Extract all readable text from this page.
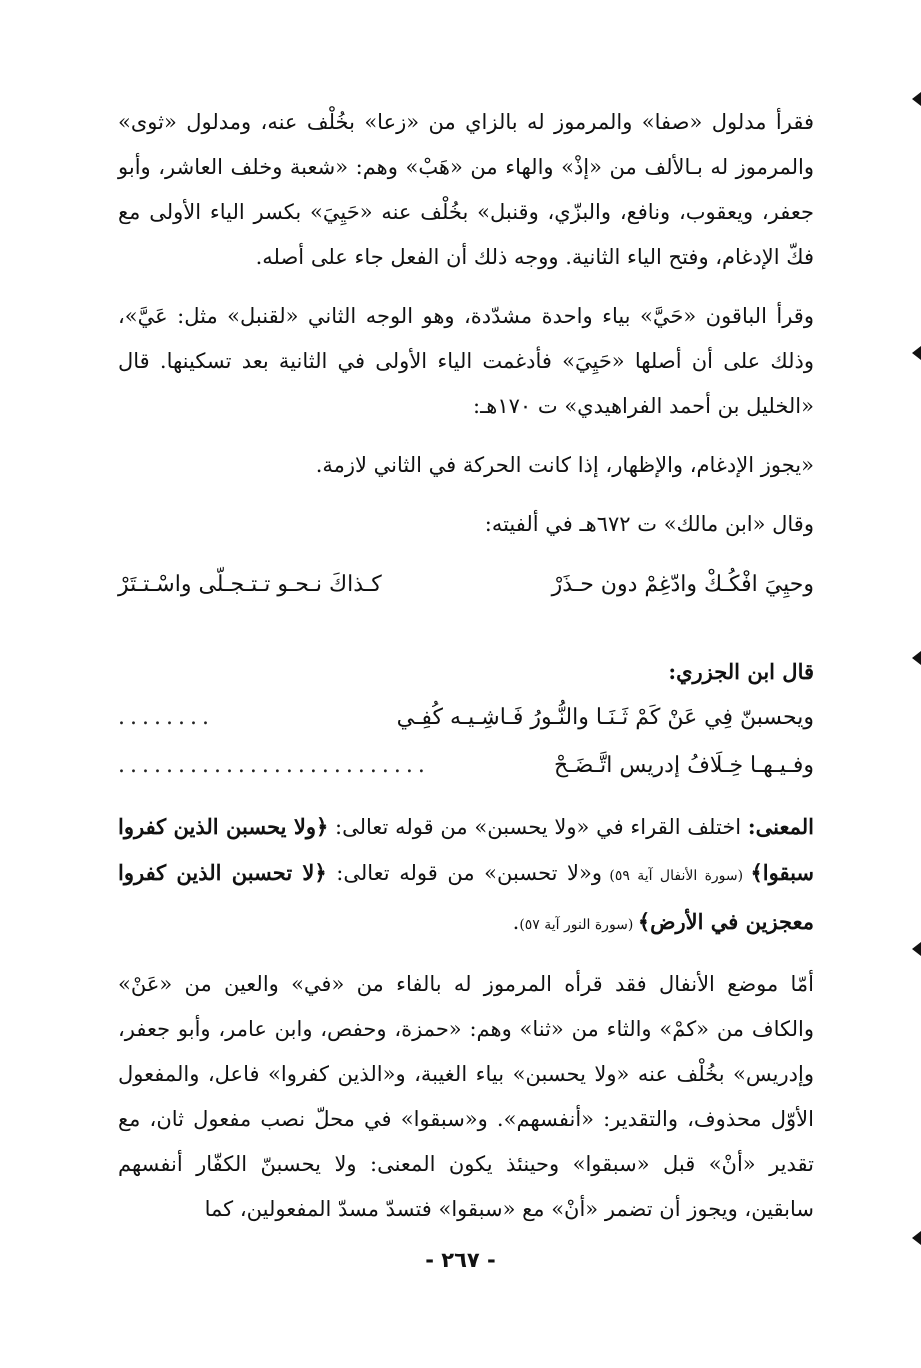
فقرأ مدلول «صفا» والمرموز له بالزاي من «زعا» بخُلْف عنه، ومدلول «ثوى» والمرموز له بـالألف من «إذْ» والهاء من «هَبْ» وهم: «شعبة وخلف العاشر، وأبو جعفر، ويعقوب، ونافع، والبزّي، وقنبل» بخُلْف عنه «حَيِيَ» بكسر الياء الأولى مع فكّ الإدغام، وفتح الياء الثانية. ووجه ذلك أن الفعل جاء على أصله.

وقرأ الباقون «حَيَّ» بياء واحدة مشدّدة، وهو الوجه الثاني «لقنبل» مثل: عَيَّ»، وذلك على أن أصلها «حَيِيَ» فأدغمت الياء الأولى في الثانية بعد تسكينها. قال «الخليل بن أحمد الفراهيدي» ت ١٧٠هـ:

«يجوز الإدغام، والإظهار، إذا كانت الحركة في الثاني لازمة.

وقال «ابن مالك» ت ٦٧٢هـ في ألفيته:

وحيِيَ افْكُـكْ وادّغِمْ دون حـذَرْ
كـذاكَ نـحـو تـتـجـلّى واسْـتـتَرْ

قال ابن الجزري:

ويحسبنّ فِي عَنْ كَمْ ثَـنَـا والنُّـورُ فَـاشِـيـه كُفِـي
........
وفـيـهـا خِـلَافُ إدريس اتَّـضَـحْ
..........................

المعنى: اختلف القراء في «ولا يحسبن» من قوله تعالى: ﴿ولا يحسبن الذين كفروا سبقوا﴾ (سورة الأنفال آية ٥٩) و«لا تحسبن» من قوله تعالى: ﴿لا تحسبن الذين كفروا معجزين في الأرض﴾ (سورة النور آية ٥٧).

أمّا موضع الأنفال فقد قرأه المرموز له بالفاء من «في» والعين من «عَنْ» والكاف من «كمْ» والثاء من «ثنا» وهم: «حمزة، وحفص، وابن عامر، وأبو جعفر، وإدريس» بخُلْف عنه «ولا يحسبن» بياء الغيبة، و«الذين كفروا» فاعل، والمفعول الأوّل محذوف، والتقدير: «أنفسهم». و«سبقوا» في محلّ نصب مفعول ثان، مع تقدير «أنْ» قبل «سبقوا» وحينئذ يكون المعنى: ولا يحسبنّ الكفّار أنفسهم سابقين، ويجوز أن تضمر «أنْ» مع «سبقوا» فتسدّ مسدّ المفعولين، كما

- ٢٦٧ -
